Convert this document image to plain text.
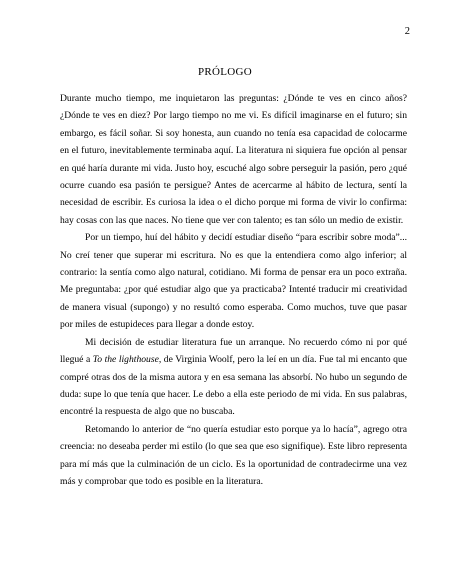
2
PRÓLOGO

Durante mucho tiempo, me inquietaron las preguntas: ¿Dónde te ves en cinco años? ¿Dónde te ves en diez? Por largo tiempo no me vi. Es difícil imaginarse en el futuro; sin embargo, es fácil soñar. Si soy honesta, aun cuando no tenía esa capacidad de colocarme en el futuro, inevitablemente terminaba aquí. La literatura ni siquiera fue opción al pensar en qué haría durante mi vida. Justo hoy, escuché algo sobre perseguir la pasión, pero ¿qué ocurre cuando esa pasión te persigue? Antes de acercarme al hábito de lectura, sentí la necesidad de escribir. Es curiosa la idea o el dicho porque mi forma de vivir lo confirma: hay cosas con las que naces. No tiene que ver con talento; es tan sólo un medio de existir.

Por un tiempo, huí del hábito y decidí estudiar diseño “para escribir sobre moda”... No creí tener que superar mi escritura. No es que la entendiera como algo inferior; al contrario: la sentía como algo natural, cotidiano. Mi forma de pensar era un poco extraña. Me preguntaba: ¿por qué estudiar algo que ya practicaba? Intenté traducir mi creatividad de manera visual (supongo) y no resultó como esperaba. Como muchos, tuve que pasar por miles de estupideces para llegar a donde estoy.

Mi decisión de estudiar literatura fue un arranque. No recuerdo cómo ni por qué llegué a To the lighthouse, de Virginia Woolf, pero la leí en un día. Fue tal mi encanto que compré otras dos de la misma autora y en esa semana las absorbí. No hubo un segundo de duda: supe lo que tenía que hacer. Le debo a ella este periodo de mi vida. En sus palabras, encontré la respuesta de algo que no buscaba.

Retomando lo anterior de “no quería estudiar esto porque ya lo hacía”, agrego otra creencia: no deseaba perder mi estilo (lo que sea que eso signifique). Este libro representa para mí más que la culminación de un ciclo. Es la oportunidad de contradecirme una vez más y comprobar que todo es posible en la literatura.
